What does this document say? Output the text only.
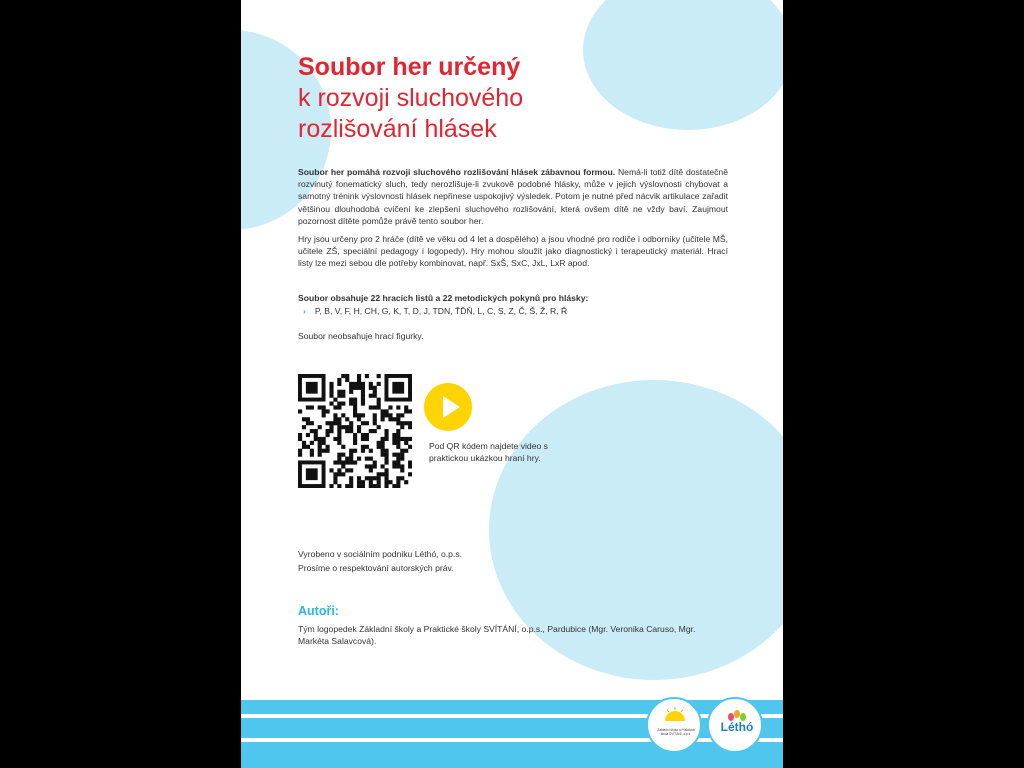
Soubor her určený
k rozvoji sluchového
rozlišování hlásek

Soubor her pomáhá rozvoji sluchového rozlišování hlásek zábavnou formou. Nemá-li totiž dítě dostatečně rozvinutý fonematický sluch, tedy nerozlišuje-li zvukově podobné hlásky, může v jejich výslovnosti chybovat a samotný trénink výslovnosti hlásek nepřinese uspokojivý výsledek. Potom je nutné před nácvik artikulace zařadit většinou dlouhodobá cvičení ke zlepšení sluchového rozlišování, která ovšem dítě ne vždy baví. Zaujmout pozornost dítěte pomůže právě tento soubor her.

Hry jsou určeny pro 2 hráče (dítě ve věku od 4 let a dospělého) a jsou vhodné pro rodiče i odborníky (učitele MŠ, učitele ZŠ, speciální pedagogy i logopedy). Hry mohou sloužit jako diagnostický i terapeutický materiál. Hrací listy lze mezi sebou dle potřeby kombinovat, např. SxŠ, SxC, JxL, LxR apod.

Soubor obsahuje 22 hracích listů a 22 metodických pokynů pro hlásky:
› P, B, V, F, H, CH, G, K, T, D, J, TDN, ŤĎŇ, L, C, S, Z, Č, Š, Ž, R, Ř
Soubor neobsahuje hrací figurky.
Pod QR kódem najdete video s praktickou ukázkou hraní hry.
Vyrobeno v sociálním podniku Léthó, o.p.s.
Prosíme o respektování autorských práv.
Autoři:
Tým logopedek Základní školy a Praktické školy SVÍTÁNÍ, o.p.s., Pardubice (Mgr. Veronika Caruso, Mgr. Markéta Salavcová).
Základní škola a Praktická škola SVÍTÁNÍ, o.p.s.	Léthó
